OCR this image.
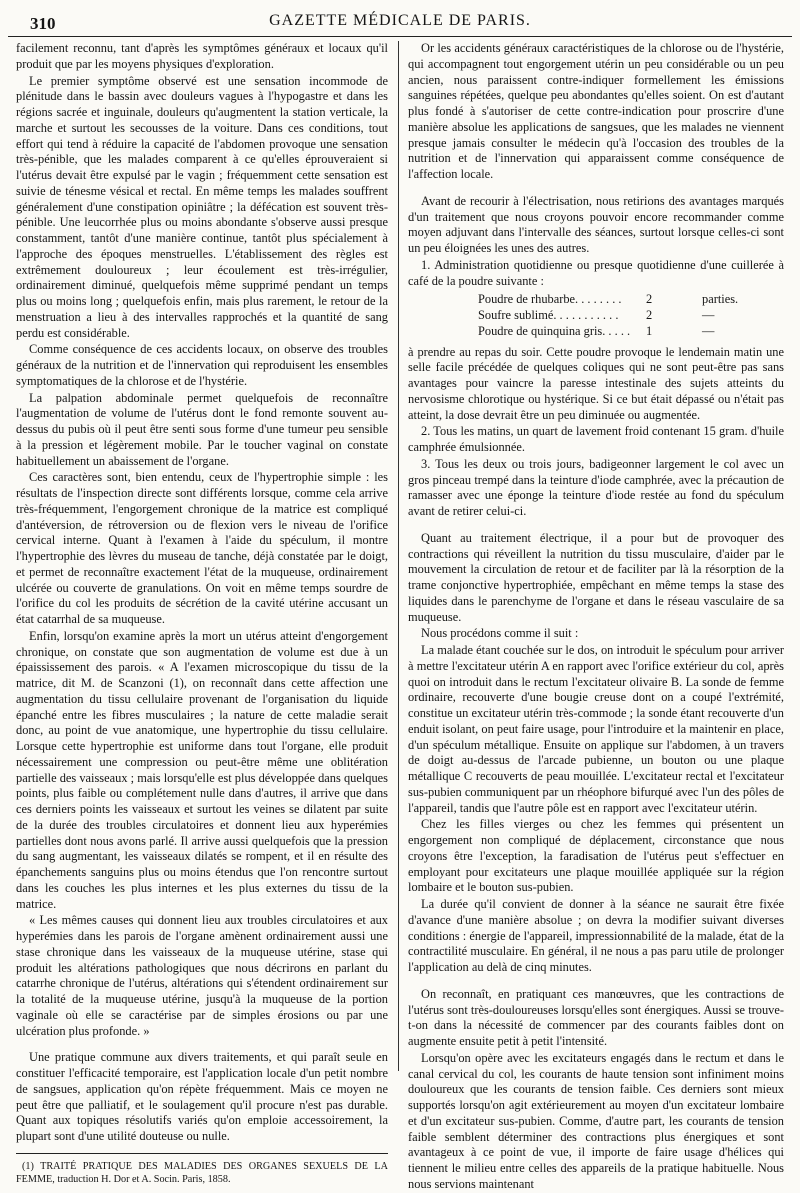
310	GAZETTE MÉDICALE DE PARIS.

facilement reconnu, tant d'après les symptômes généraux et locaux qu'il produit que par les moyens physiques d'exploration.

Le premier symptôme observé est une sensation incommode de plénitude dans le bassin avec douleurs vagues à l'hypogastre et dans les régions sacrée et inguinale, douleurs qu'augmentent la station verticale, la marche et surtout les secousses de la voiture. Dans ces conditions, tout effort qui tend à réduire la capacité de l'abdomen provoque une sensation très-pénible, que les malades comparent à ce qu'elles éprouveraient si l'utérus devait être expulsé par le vagin ; fréquemment cette sensation est suivie de ténesme vésical et rectal. En même temps les malades souffrent généralement d'une constipation opiniâtre ; la défécation est souvent très-pénible. Une leucorrhée plus ou moins abondante s'observe aussi presque constamment, tantôt d'une manière continue, tantôt plus spécialement à l'approche des époques menstruelles. L'établissement des règles est extrêmement douloureux ; leur écoulement est très-irrégulier, ordinairement diminué, quelquefois même supprimé pendant un temps plus ou moins long ; quelquefois enfin, mais plus rarement, le retour de la menstruation a lieu à des intervalles rapprochés et la quantité de sang perdu est considérable.

Comme conséquence de ces accidents locaux, on observe des troubles généraux de la nutrition et de l'innervation qui reproduisent les ensembles symptomatiques de la chlorose et de l'hystérie.

La palpation abdominale permet quelquefois de reconnaître l'augmentation de volume de l'utérus dont le fond remonte souvent au-dessus du pubis où il peut être senti sous forme d'une tumeur peu sensible à la pression et légèrement mobile. Par le toucher vaginal on constate habituellement un abaissement de l'organe.

Ces caractères sont, bien entendu, ceux de l'hypertrophie simple : les résultats de l'inspection directe sont différents lorsque, comme cela arrive très-fréquemment, l'engorgement chronique de la matrice est compliqué d'antéversion, de rétroversion ou de flexion vers le niveau de l'orifice cervical interne. Quant à l'examen à l'aide du spéculum, il montre l'hypertrophie des lèvres du museau de tanche, déjà constatée par le doigt, et permet de reconnaître exactement l'état de la muqueuse, ordinairement ulcérée ou couverte de granulations. On voit en même temps sourdre de l'orifice du col les produits de sécrétion de la cavité utérine accusant un état catarrhal de sa muqueuse.

Enfin, lorsqu'on examine après la mort un utérus atteint d'engorgement chronique, on constate que son augmentation de volume est due à un épaississement des parois. « A l'examen microscopique du tissu de la matrice, dit M. de Scanzoni (1), on reconnaît dans cette affection une augmentation du tissu cellulaire provenant de l'organisation du liquide épanché entre les fibres musculaires ; la nature de cette maladie serait donc, au point de vue anatomique, une hypertrophie du tissu cellulaire. Lorsque cette hypertrophie est uniforme dans tout l'organe, elle produit nécessairement une compression ou peut-être même une oblitération partielle des vaisseaux ; mais lorsqu'elle est plus développée dans quelques points, plus faible ou complétement nulle dans d'autres, il arrive que dans ces derniers points les vaisseaux et surtout les veines se dilatent par suite de la durée des troubles circulatoires et donnent lieu aux hyperémies partielles dont nous avons parlé. Il arrive aussi quelquefois que la pression du sang augmentant, les vaisseaux dilatés se rompent, et il en résulte des épanchements sanguins plus ou moins étendus que l'on rencontre surtout dans les couches les plus internes et les plus externes du tissu de la matrice.

« Les mêmes causes qui donnent lieu aux troubles circulatoires et aux hyperémies dans les parois de l'organe amènent ordinairement aussi une stase chronique dans les vaisseaux de la muqueuse utérine, stase qui produit les altérations pathologiques que nous décrirons en parlant du catarrhe chronique de l'utérus, altérations qui s'étendent ordinairement sur la totalité de la muqueuse utérine, jusqu'à la muqueuse de la portion vaginale où elle se caractérise par de simples érosions ou par une ulcération plus profonde. »

Une pratique commune aux divers traitements, et qui paraît seule en constituer l'efficacité temporaire, est l'application locale d'un petit nombre de sangsues, application qu'on répète fréquemment. Mais ce moyen ne peut être que palliatif, et le soulagement qu'il procure n'est pas durable. Quant aux topiques résolutifs variés qu'on emploie accessoirement, la plupart sont d'une utilité douteuse ou nulle.

(1) TRAITÉ PRATIQUE DES MALADIES DES ORGANES SEXUELS DE LA FEMME, traduction H. Dor et A. Socin. Paris, 1858.

Or les accidents généraux caractéristiques de la chlorose ou de l'hystérie, qui accompagnent tout engorgement utérin un peu considérable ou un peu ancien, nous paraissent contre-indiquer formellement les émissions sanguines répétées, quelque peu abondantes qu'elles soient. On est d'autant plus fondé à s'autoriser de cette contre-indication pour proscrire d'une manière absolue les applications de sangsues, que les malades ne viennent presque jamais consulter le médecin qu'à l'occasion des troubles de la nutrition et de l'innervation qui apparaissent comme conséquence de l'affection locale.

Avant de recourir à l'électrisation, nous retirions des avantages marqués d'un traitement que nous croyons pouvoir encore recommander comme moyen adjuvant dans l'intervalle des séances, surtout lorsque celles-ci sont un peu éloignées les unes des autres.

1. Administration quotidienne ou presque quotidienne d'une cuillerée à café de la poudre suivante :

Poudre de rhubarbe. . . . . . . .	2	parties.
Soufre sublimé. . . . . . . . . . .	2	—
Poudre de quinquina gris. . . . .	1	—

à prendre au repas du soir. Cette poudre provoque le lendemain matin une selle facile précédée de quelques coliques qui ne sont peut-être pas sans avantages pour vaincre la paresse intestinale des sujets atteints du nervosisme chlorotique ou hystérique. Si ce but était dépassé ou n'était pas atteint, la dose devrait être un peu diminuée ou augmentée.

2. Tous les matins, un quart de lavement froid contenant 15 gram. d'huile camphrée émulsionnée.

3. Tous les deux ou trois jours, badigeonner largement le col avec un gros pinceau trempé dans la teinture d'iode camphrée, avec la précaution de ramasser avec une éponge la teinture d'iode restée au fond du spéculum avant de retirer celui-ci.

Quant au traitement électrique, il a pour but de provoquer des contractions qui réveillent la nutrition du tissu musculaire, d'aider par le mouvement la circulation de retour et de faciliter par là la résorption de la trame conjonctive hypertrophiée, empêchant en même temps la stase des liquides dans le parenchyme de l'organe et dans le réseau vasculaire de sa muqueuse.

Nous procédons comme il suit :

La malade étant couchée sur le dos, on introduit le spéculum pour arriver à mettre l'excitateur utérin A en rapport avec l'orifice extérieur du col, après quoi on introduit dans le rectum l'excitateur olivaire B. La sonde de femme ordinaire, recouverte d'une bougie creuse dont on a coupé l'extrémité, constitue un excitateur utérin très-commode ; la sonde étant recouverte d'un enduit isolant, on peut faire usage, pour l'introduire et la maintenir en place, d'un spéculum métallique. Ensuite on applique sur l'abdomen, à un travers de doigt au-dessus de l'arcade pubienne, un bouton ou une plaque métallique C recouverts de peau mouillée. L'excitateur rectal et l'excitateur sus-pubien communiquent par un rhéophore bifurqué avec l'un des pôles de l'appareil, tandis que l'autre pôle est en rapport avec l'excitateur utérin.

Chez les filles vierges ou chez les femmes qui présentent un engorgement non compliqué de déplacement, circonstance que nous croyons être l'exception, la faradisation de l'utérus peut s'effectuer en employant pour excitateurs une plaque mouillée appliquée sur la région lombaire et le bouton sus-pubien.

La durée qu'il convient de donner à la séance ne saurait être fixée d'avance d'une manière absolue ; on devra la modifier suivant diverses conditions : énergie de l'appareil, impressionnabilité de la malade, état de la contractilité musculaire. En général, il ne nous a pas paru utile de prolonger l'application au delà de cinq minutes.

On reconnaît, en pratiquant ces manœuvres, que les contractions de l'utérus sont très-douloureuses lorsqu'elles sont énergiques. Aussi se trouve-t-on dans la nécessité de commencer par des courants faibles dont on augmente ensuite petit à petit l'intensité.

Lorsqu'on opère avec les excitateurs engagés dans le rectum et dans le canal cervical du col, les courants de haute tension sont infiniment moins douloureux que les courants de tension faible. Ces derniers sont mieux supportés lorsqu'on agit extérieurement au moyen d'un excitateur lombaire et d'un excitateur sus-pubien. Comme, d'autre part, les courants de tension faible semblent déterminer des contractions plus énergiques et sont avantageux à ce point de vue, il importe de faire usage d'hélices qui tiennent le milieu entre celles des appareils de la pratique habituelle. Nous nous servions maintenant
